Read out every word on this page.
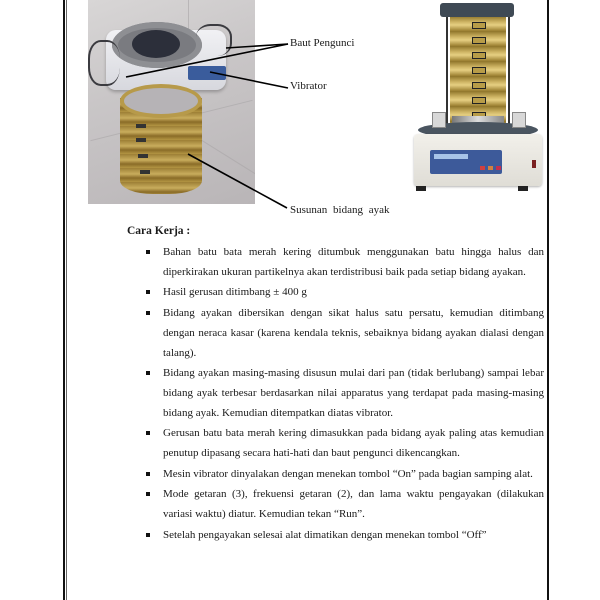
Baut Pengunci
Vibrator
Susunan bidang ayak
Cara Kerja :
Bahan batu bata merah kering ditumbuk menggunakan batu hingga halus dan diperkirakan ukuran partikelnya akan terdistribusi baik pada setiap bidang ayakan.
Hasil gerusan ditimbang ± 400 g
Bidang ayakan dibersikan dengan sikat halus satu persatu, kemudian ditimbang dengan neraca kasar (karena kendala teknis, sebaiknya bidang ayakan dialasi dengan talang).
Bidang ayakan masing-masing disusun mulai dari pan (tidak berlubang) sampai lebar bidang ayak terbesar berdasarkan nilai apparatus yang terdapat pada masing-masing bidang ayak. Kemudian ditempatkan diatas vibrator.
Gerusan batu bata merah kering dimasukkan pada bidang ayak paling atas kemudian penutup dipasang secara hati-hati dan baut pengunci dikencangkan.
Mesin vibrator dinyalakan dengan menekan tombol “On” pada bagian samping alat.
Mode getaran (3), frekuensi getaran (2), dan lama waktu pengayakan (dilakukan variasi waktu) diatur. Kemudian tekan “Run”.
Setelah pengayakan selesai alat dimatikan dengan menekan tombol “Off”
